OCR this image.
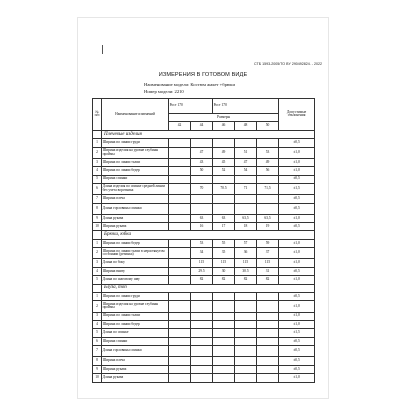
СТБ 1593-2005/ТО BY 290492824. - 2022
ИЗМЕРЕНИЯ В ГОТОВОМ ВИДЕ
Наименование модели: Костюм жакет +брюки
Номер модели: 2210
№ п/п	Наименование изменений	Рост 170		Рост 170			Допустимые отклонения
		Размеры					
		42	44	46	48	50	
	Плечевые изделия						
1	Ширина по линии груди						±0,5
2	Ширина изделия на уровне глубины проймы		47	49	51	53	±1,0
3	Ширина по линии талии		43	45	47	49	±1,0
4	Ширина по линии бедер		50	52	54	56	±1,0
5	Ширина спинки						±0,5
6	Длина изделия по спинке средней линии без учета воротника		70	70.5	71	71,5	±1,5
7	Ширина плеча						±0,5
8	Длина горловины спинки						±0,5
9	Длина рукава		63	63	63,5	63,5	±1,0
10	Ширина рукава		16	17	18	19	±0,5
	Брюки, юбка						
1	Ширина по линии бедер		53	55	57	59	±1,0
2	Ширина по линии талии в нерастянутом состоянии (резинка)		34	35	36	37	±1,0
3	Длина по боку		115	115	115	115	±1,0
4	Ширина внизу		29.5	30	30.5	31	±0,5
5	Длина по шаговому шву		82	82	82	82	±1,0
	Блуза, топ						
1	Ширина по линии груди						±0,5
2	Ширина изделия на уровне глубины проймы						±1,0
3	Ширина по линии талии						±1,0
4	Ширина по линии бедер						±1,0
5	Длина по спинке						±1,5
6	Ширина спинки						±0,5
7	Длина горловины спинки						±0,5
8	Ширина плеча						±0,5
9	Ширина рукава						±0,5
10	Длина рукава						±1,0
